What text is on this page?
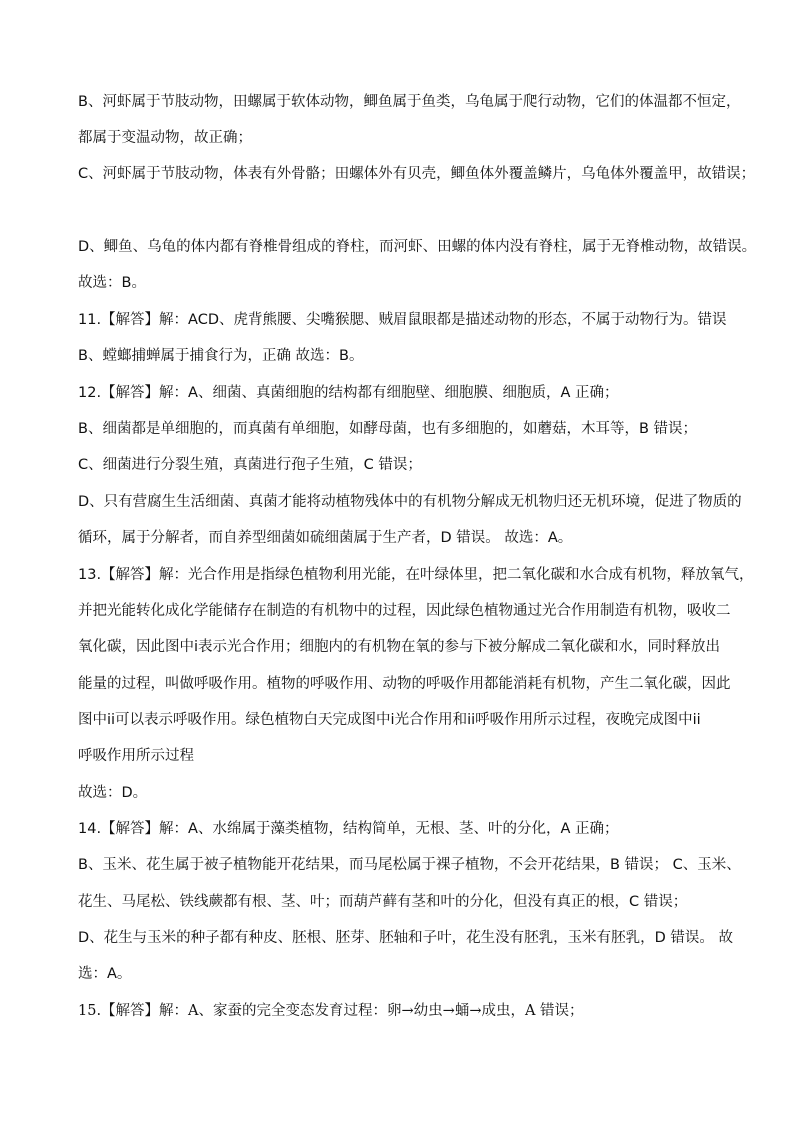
B、河虾属于节肢动物，田螺属于软体动物，鲫鱼属于鱼类，乌龟属于爬行动物，它们的体温都不恒定，
都属于变温动物，故正确；
C、河虾属于节肢动物，体表有外骨骼；田螺体外有贝壳，鲫鱼体外覆盖鳞片，乌龟体外覆盖甲，故错误；
D、鲫鱼、乌龟的体内都有脊椎骨组成的脊柱，而河虾、田螺的体内没有脊柱，属于无脊椎动物，故错误。
故选：B。
11.【解答】解：ACD、虎背熊腰、尖嘴猴腮、贼眉鼠眼都是描述动物的形态，不属于动物行为。错误
B、螳螂捕蝉属于捕食行为，正确 故选：B。
12.【解答】解：A、细菌、真菌细胞的结构都有细胞壁、细胞膜、细胞质，A 正确；
B、细菌都是单细胞的，而真菌有单细胞，如酵母菌，也有多细胞的，如蘑菇，木耳等，B 错误；
C、细菌进行分裂生殖，真菌进行孢子生殖，C 错误；
D、只有营腐生生活细菌、真菌才能将动植物残体中的有机物分解成无机物归还无机环境，促进了物质的
循环，属于分解者，而自养型细菌如硫细菌属于生产者，D 错误。 故选：A。
13.【解答】解：光合作用是指绿色植物利用光能，在叶绿体里，把二氧化碳和水合成有机物，释放氧气，
并把光能转化成化学能储存在制造的有机物中的过程，因此绿色植物通过光合作用制造有机物，吸收二
氧化碳，因此图中ⅰ表示光合作用；细胞内的有机物在氧的参与下被分解成二氧化碳和水，同时释放出
能量的过程，叫做呼吸作用。植物的呼吸作用、动物的呼吸作用都能消耗有机物，产生二氧化碳，因此
图中ⅰⅰ可以表示呼吸作用。绿色植物白天完成图中ⅰ光合作用和ⅰⅰ呼吸作用所示过程，夜晚完成图中ⅰⅰ
呼吸作用所示过程
故选：D。
14.【解答】解：A、水绵属于藻类植物，结构简单，无根、茎、叶的分化，A 正确；
B、玉米、花生属于被子植物能开花结果，而马尾松属于裸子植物，不会开花结果，B 错误； C、玉米、
花生、马尾松、铁线蕨都有根、茎、叶；而葫芦藓有茎和叶的分化，但没有真正的根，C 错误；
D、花生与玉米的种子都有种皮、胚根、胚芽、胚轴和子叶，花生没有胚乳，玉米有胚乳，D 错误。 故
选：A。
15.【解答】解：A、家蚕的完全变态发育过程：卵→幼虫→蛹→成虫，A 错误；
